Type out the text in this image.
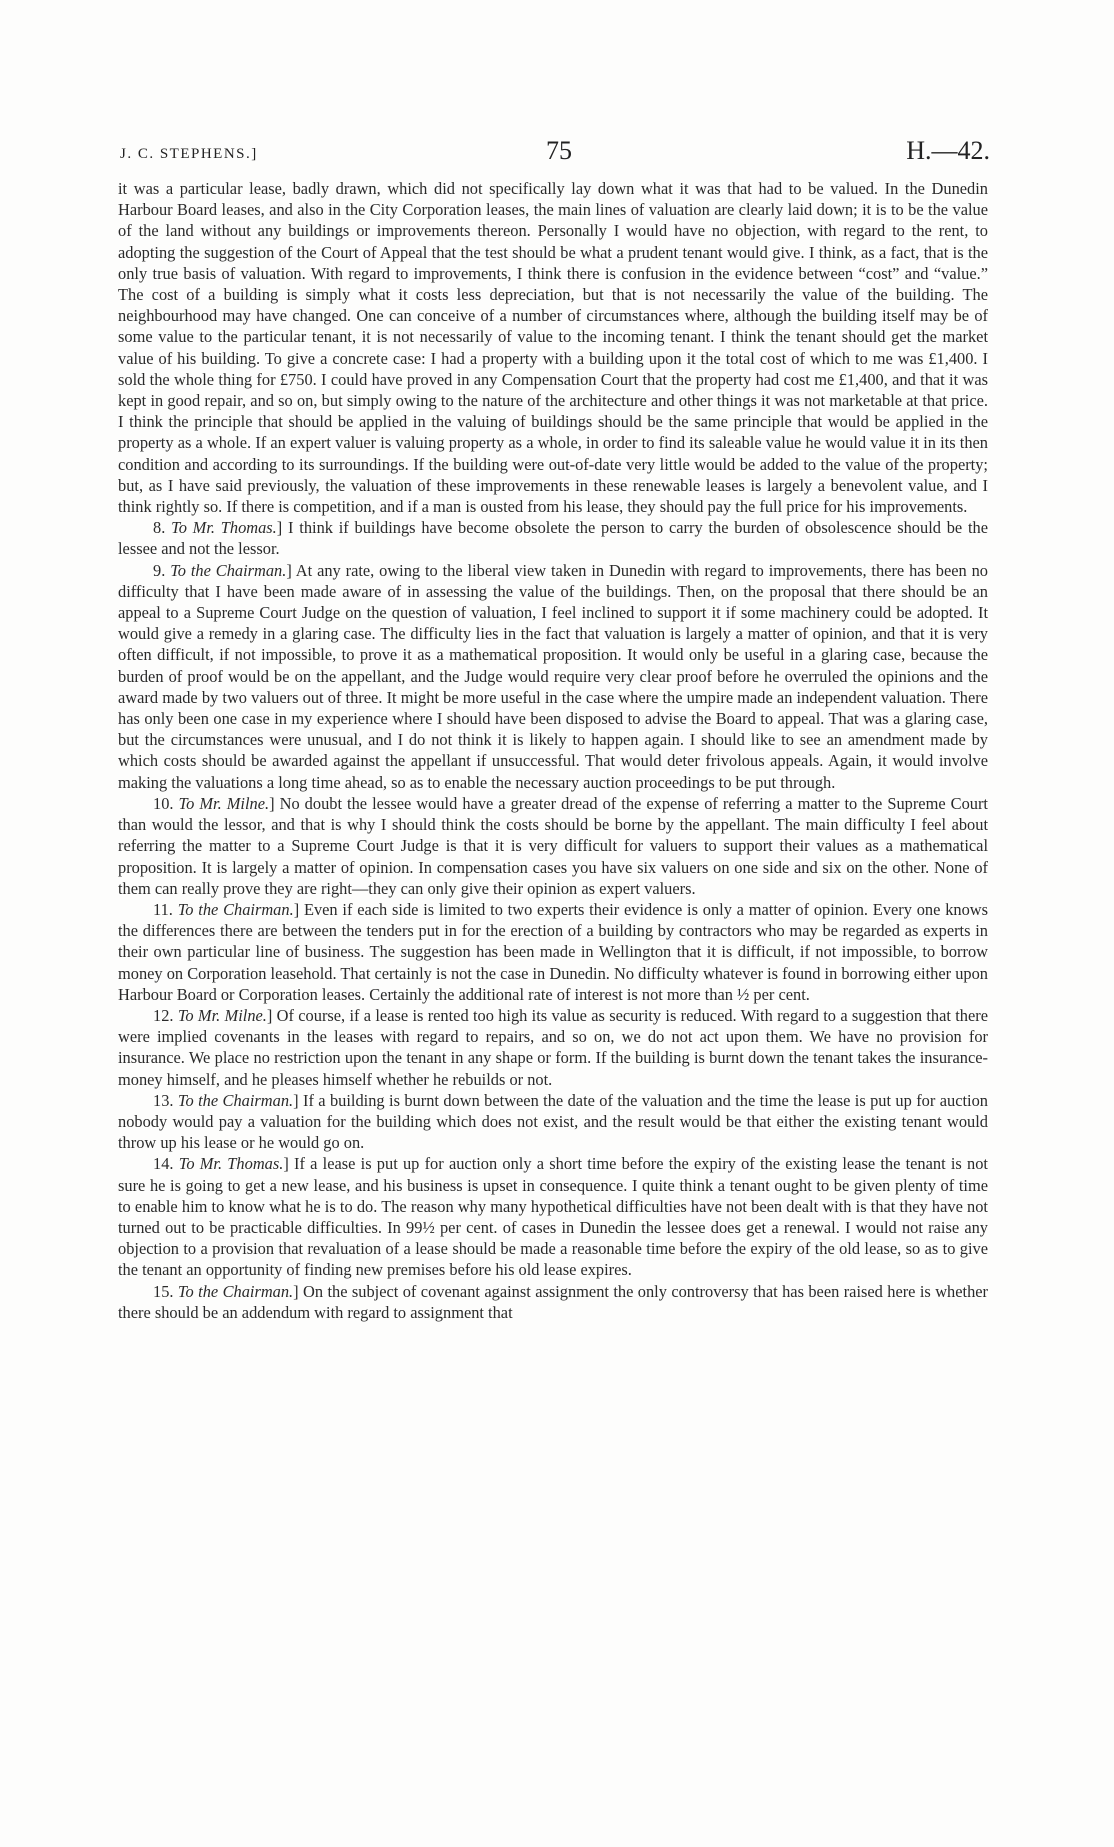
J. C. STEPHENS.]	75	H.—42.

it was a particular lease, badly drawn, which did not specifically lay down what it was that had to be valued. In the Dunedin Harbour Board leases, and also in the City Corporation leases, the main lines of valuation are clearly laid down; it is to be the value of the land without any buildings or improvements thereon. Personally I would have no objection, with regard to the rent, to adopting the suggestion of the Court of Appeal that the test should be what a prudent tenant would give. I think, as a fact, that is the only true basis of valuation. With regard to improvements, I think there is confusion in the evidence between “cost” and “value.” The cost of a building is simply what it costs less depreciation, but that is not necessarily the value of the building. The neighbourhood may have changed. One can conceive of a number of circumstances where, although the building itself may be of some value to the particular tenant, it is not necessarily of value to the incoming tenant. I think the tenant should get the market value of his building. To give a concrete case: I had a property with a building upon it the total cost of which to me was £1,400. I sold the whole thing for £750. I could have proved in any Compensation Court that the property had cost me £1,400, and that it was kept in good repair, and so on, but simply owing to the nature of the architecture and other things it was not marketable at that price. I think the principle that should be applied in the valuing of buildings should be the same principle that would be applied in the property as a whole. If an expert valuer is valuing property as a whole, in order to find its saleable value he would value it in its then condition and according to its surroundings. If the building were out-of-date very little would be added to the value of the property; but, as I have said previously, the valuation of these improvements in these renewable leases is largely a benevolent value, and I think rightly so. If there is competition, and if a man is ousted from his lease, they should pay the full price for his improvements.

8. To Mr. Thomas.] I think if buildings have become obsolete the person to carry the burden of obsolescence should be the lessee and not the lessor.

9. To the Chairman.] At any rate, owing to the liberal view taken in Dunedin with regard to improvements, there has been no difficulty that I have been made aware of in assessing the value of the buildings. Then, on the proposal that there should be an appeal to a Supreme Court Judge on the question of valuation, I feel inclined to support it if some machinery could be adopted. It would give a remedy in a glaring case. The difficulty lies in the fact that valuation is largely a matter of opinion, and that it is very often difficult, if not impossible, to prove it as a mathematical proposition. It would only be useful in a glaring case, because the burden of proof would be on the appellant, and the Judge would require very clear proof before he overruled the opinions and the award made by two valuers out of three. It might be more useful in the case where the umpire made an independent valuation. There has only been one case in my experience where I should have been disposed to advise the Board to appeal. That was a glaring case, but the circumstances were unusual, and I do not think it is likely to happen again. I should like to see an amendment made by which costs should be awarded against the appellant if unsuccessful. That would deter frivolous appeals. Again, it would involve making the valuations a long time ahead, so as to enable the necessary auction proceedings to be put through.

10. To Mr. Milne.] No doubt the lessee would have a greater dread of the expense of referring a matter to the Supreme Court than would the lessor, and that is why I should think the costs should be borne by the appellant. The main difficulty I feel about referring the matter to a Supreme Court Judge is that it is very difficult for valuers to support their values as a mathematical proposition. It is largely a matter of opinion. In compensation cases you have six valuers on one side and six on the other. None of them can really prove they are right—they can only give their opinion as expert valuers.

11. To the Chairman.] Even if each side is limited to two experts their evidence is only a matter of opinion. Every one knows the differences there are between the tenders put in for the erection of a building by contractors who may be regarded as experts in their own particular line of business. The suggestion has been made in Wellington that it is difficult, if not impossible, to borrow money on Corporation leasehold. That certainly is not the case in Dunedin. No difficulty whatever is found in borrowing either upon Harbour Board or Corporation leases. Certainly the additional rate of interest is not more than ½ per cent.

12. To Mr. Milne.] Of course, if a lease is rented too high its value as security is reduced. With regard to a suggestion that there were implied covenants in the leases with regard to repairs, and so on, we do not act upon them. We have no provision for insurance. We place no restriction upon the tenant in any shape or form. If the building is burnt down the tenant takes the insurance-money himself, and he pleases himself whether he rebuilds or not.

13. To the Chairman.] If a building is burnt down between the date of the valuation and the time the lease is put up for auction nobody would pay a valuation for the building which does not exist, and the result would be that either the existing tenant would throw up his lease or he would go on.

14. To Mr. Thomas.] If a lease is put up for auction only a short time before the expiry of the existing lease the tenant is not sure he is going to get a new lease, and his business is upset in consequence. I quite think a tenant ought to be given plenty of time to enable him to know what he is to do. The reason why many hypothetical difficulties have not been dealt with is that they have not turned out to be practicable difficulties. In 99½ per cent. of cases in Dunedin the lessee does get a renewal. I would not raise any objection to a provision that revaluation of a lease should be made a reasonable time before the expiry of the old lease, so as to give the tenant an opportunity of finding new premises before his old lease expires.

15. To the Chairman.] On the subject of covenant against assignment the only controversy that has been raised here is whether there should be an addendum with regard to assignment that
